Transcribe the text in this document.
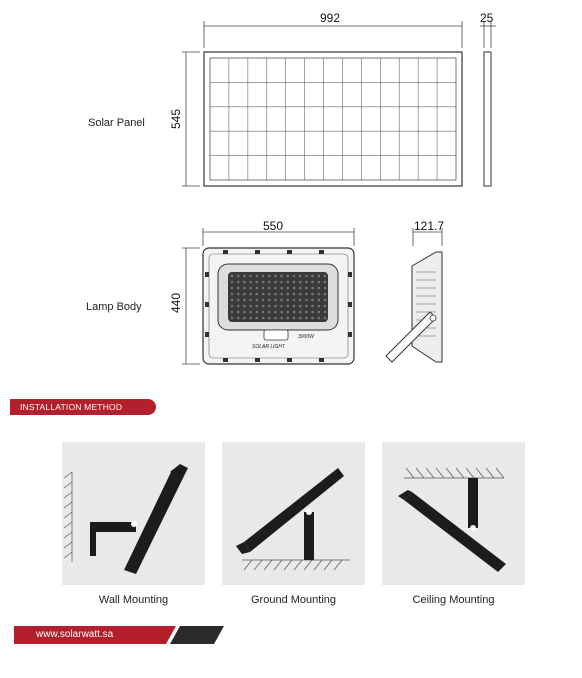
Solar Panel
992	25
545
Lamp Body
550	121.7
440
SOLAR LIGHT
3000W
INSTALLATION METHOD
Wall Mounting	Ground Mounting	Ceiling Mounting
www.solarwatt.sa
